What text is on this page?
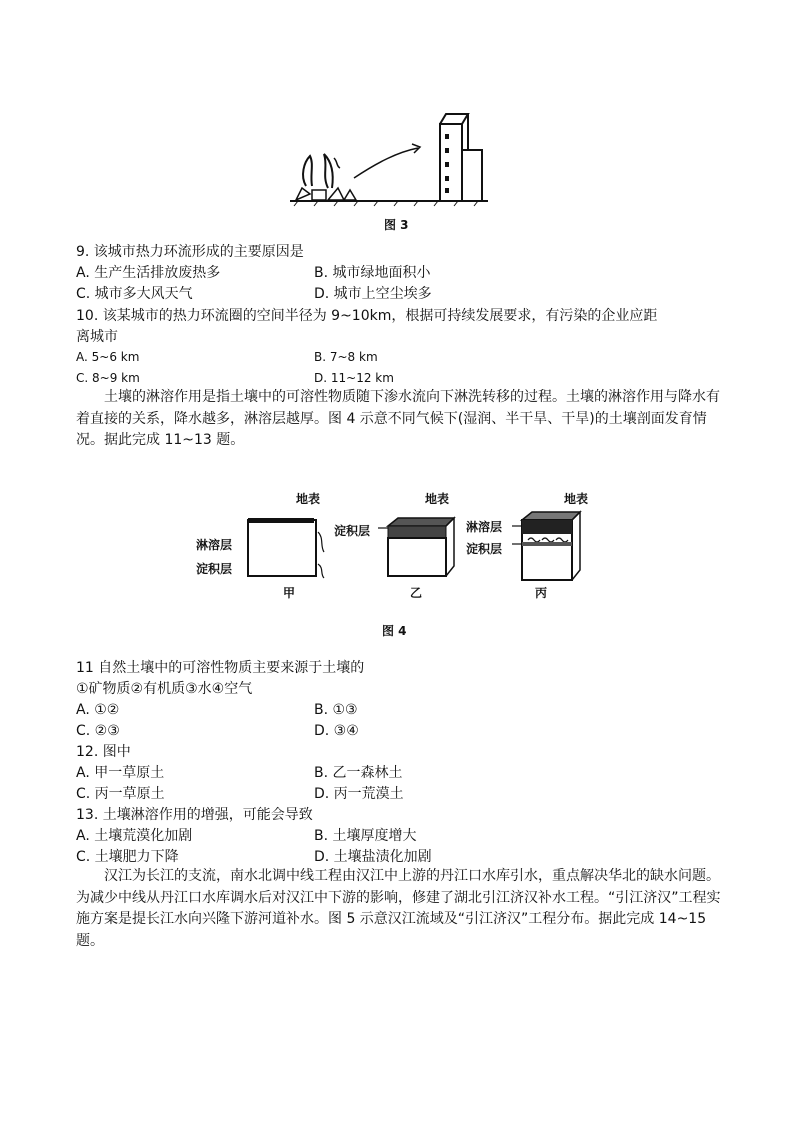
图 3
9. 该城市热力环流形成的主要原因是
A. 生产生活排放废热多	B. 城市绿地面积小
C. 城市多大风天气	D. 城市上空尘埃多
10. 该某城市的热力环流圈的空间半径为 9~10km，根据可持续发展要求，有污染的企业应距
离城市
A. 5~6 km	B. 7~8 km
C. 8~9 km	D. 11~12 km
土壤的淋溶作用是指土壤中的可溶性物质随下渗水流向下淋洗转移的过程。土壤的淋溶作用与降水有着直接的关系，降水越多，淋溶层越厚。图 4 示意不同气候下(湿润、半干旱、干旱)的土壤剖面发育情况。据此完成 11~13 题。
地表
淋溶层
淀积层
甲
地表
淀积层
乙
地表
淋溶层
淀积层
丙
图 4
11 自然土壤中的可溶性物质主要来源于土壤的
①矿物质②有机质③水④空气
A. ①②	B. ①③
C. ②③	D. ③④
12. 图中
A. 甲一草原土	B. 乙一森林土
C. 丙一草原土	D. 丙一荒漠土
13. 土壤淋溶作用的增强，可能会导致
A. 土壤荒漠化加剧	B. 土壤厚度增大
C. 土壤肥力下降	D. 土壤盐渍化加剧
汉江为长江的支流，南水北调中线工程由汉江中上游的丹江口水库引水，重点解决华北的缺水问题。为减少中线从丹江口水库调水后对汉江中下游的影响，修建了湖北引江济汉补水工程。“引江济汉”工程实施方案是提长江水向兴隆下游河道补水。图 5 示意汉江流域及“引江济汉”工程分布。据此完成 14~15 题。
